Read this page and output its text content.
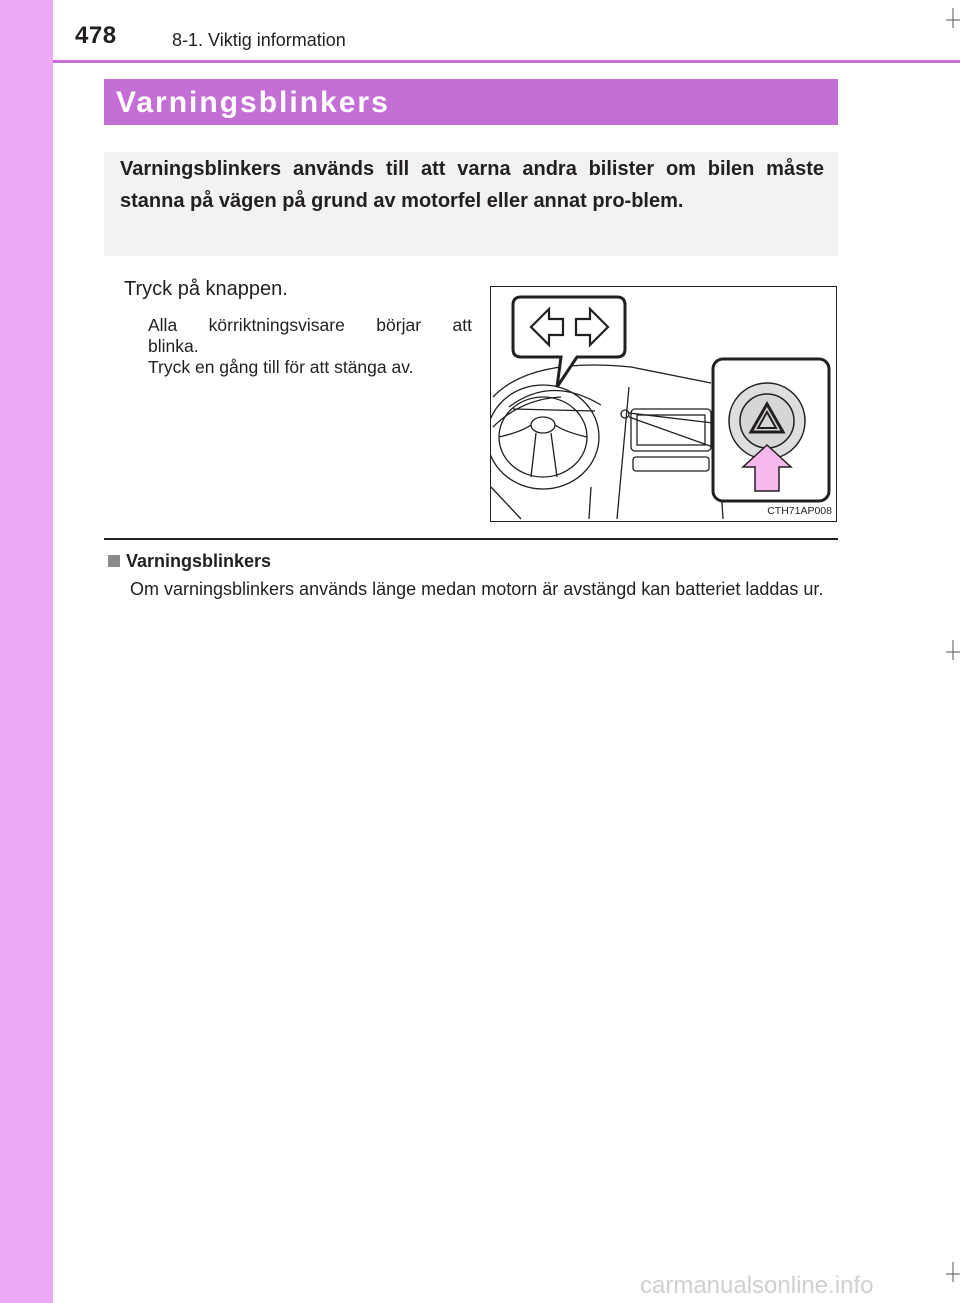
478	8-1. Viktig information
Varningsblinkers
Varningsblinkers används till att varna andra bilister om bilen måste stanna på vägen på grund av motorfel eller annat pro-blem.
Tryck på knappen.
Alla körriktningsvisare börjar att
blinka.
Tryck en gång till för att stänga av.
CTH71AP008
Varningsblinkers
Om varningsblinkers används länge medan motorn är avstängd kan batteriet laddas ur.
carmanualsonline.info
